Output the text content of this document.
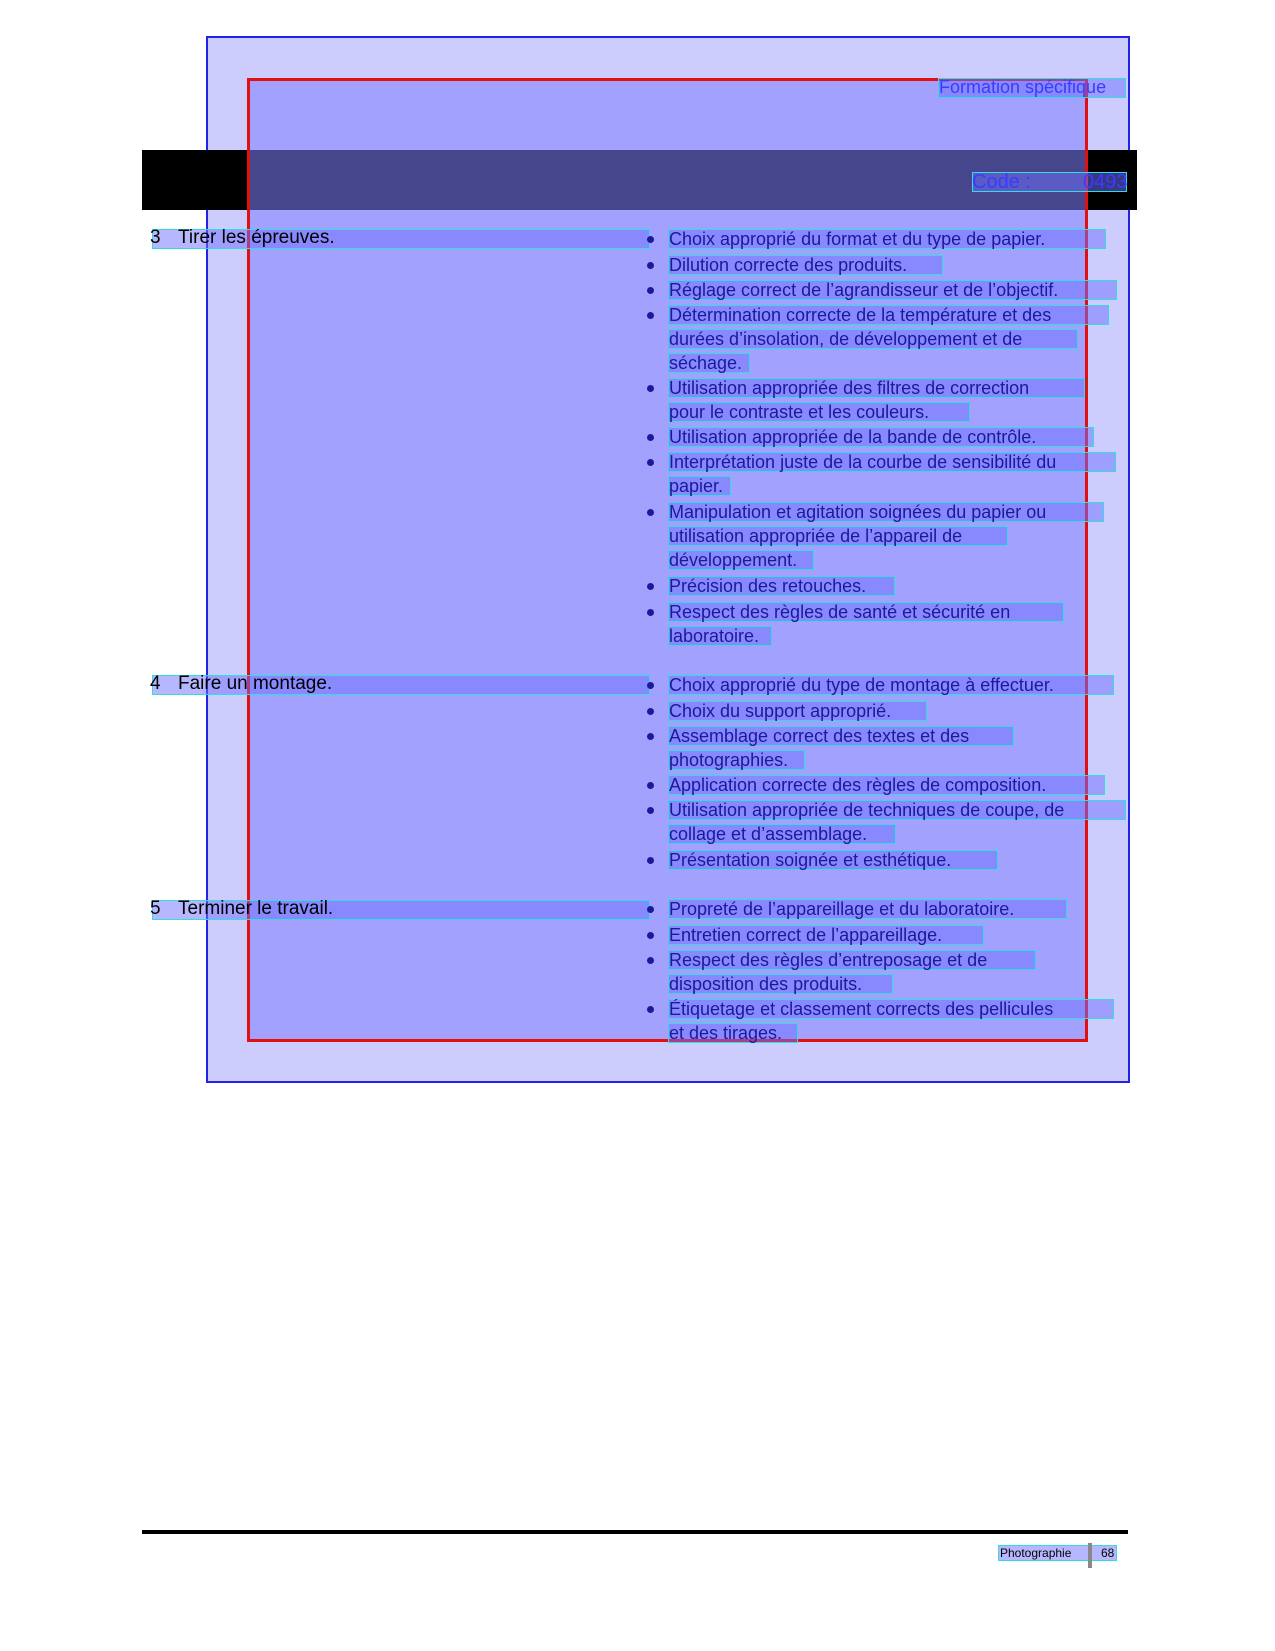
Formation spécifique
Code :	0493
3 Tirer les épreuves.
4 Faire un montage.
5 Terminer le travail.
Choix approprié du format et du type de papier.
Dilution correcte des produits.
Réglage correct de l’agrandisseur et de l’objectif.
Détermination correcte de la température et des
durées d’insolation, de développement et de
séchage.
Utilisation appropriée des filtres de correction
pour le contraste et les couleurs.
Utilisation appropriée de la bande de contrôle.
Interprétation juste de la courbe de sensibilité du
papier.
Manipulation et agitation soignées du papier ou
utilisation appropriée de l’appareil de
développement.
Précision des retouches.
Respect des règles de santé et sécurité en
laboratoire.
Choix approprié du type de montage à effectuer.
Choix du support approprié.
Assemblage correct des textes et des
photographies.
Application correcte des règles de composition.
Utilisation appropriée de techniques de coupe, de
collage et d’assemblage.
Présentation soignée et esthétique.
Propreté de l’appareillage et du laboratoire.
Entretien correct de l’appareillage.
Respect des règles d’entreposage et de
disposition des produits.
Étiquetage et classement corrects des pellicules
et des tirages.
Photographie 68
